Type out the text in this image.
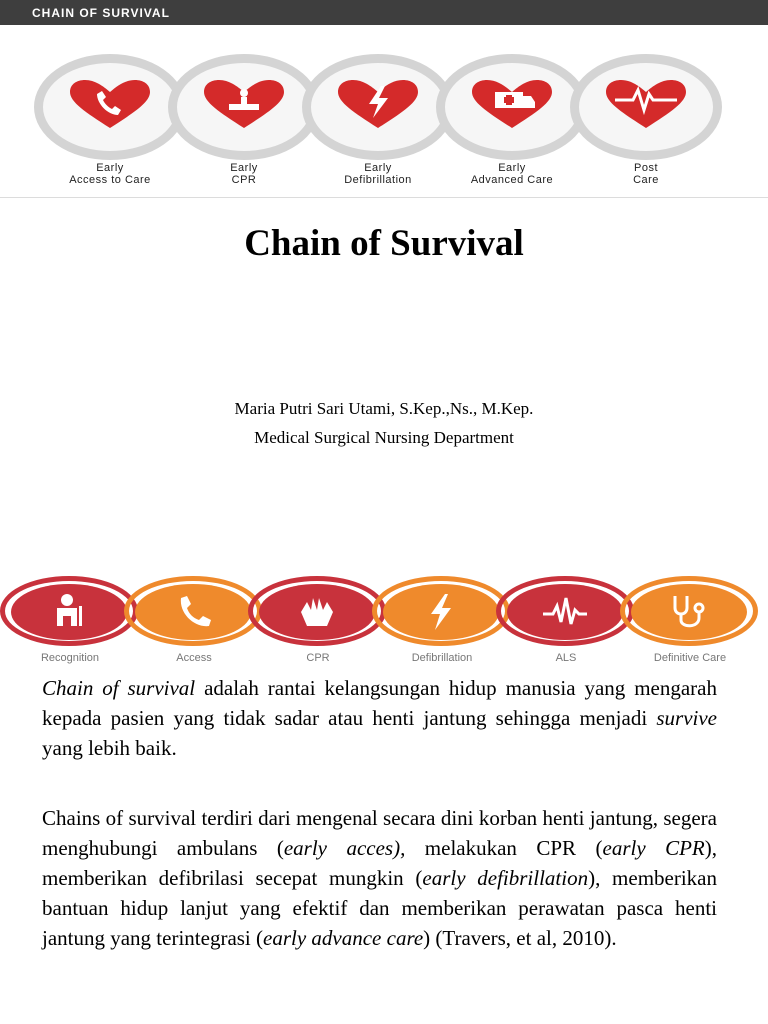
CHAIN OF SURVIVAL
Early
Access to Care
Early
CPR
Early
Defibrillation
Early
Advanced Care
Post
Care
Chain of Survival
Maria Putri Sari Utami, S.Kep.,Ns., M.Kep.
Medical Surgical Nursing Department
Recognition	Access	CPR	Defibrillation	ALS	Definitive Care
Chain of survival adalah rantai kelangsungan hidup manusia yang mengarah kepada pasien yang tidak sadar atau henti jantung sehingga menjadi survive yang lebih baik.
Chains of survival terdiri dari mengenal secara dini korban henti jantung, segera menghubungi ambulans (early acces), melakukan CPR (early CPR), memberikan defibrilasi secepat mungkin (early defibrillation), memberikan bantuan hidup lanjut yang efektif dan memberikan perawatan pasca henti jantung yang terintegrasi (early advance care) (Travers, et al, 2010).
